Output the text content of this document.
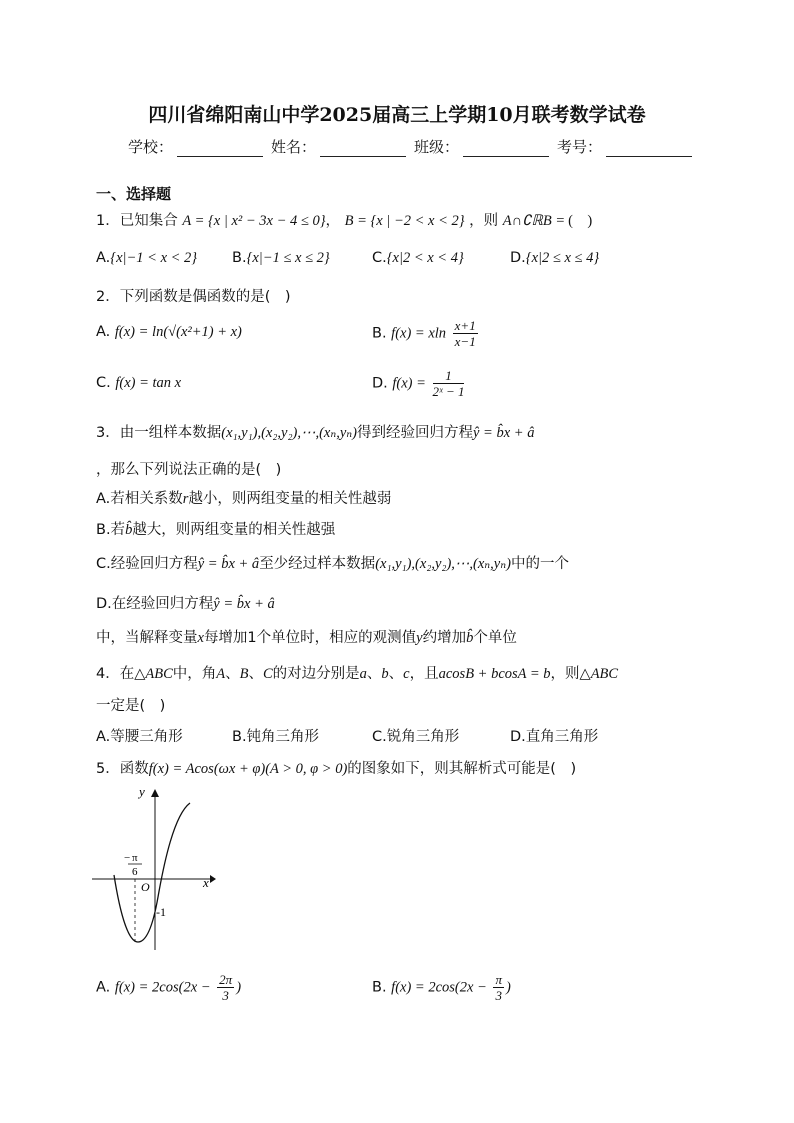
四川省绵阳南山中学2025届高三上学期10月联考数学试卷
学校：	姓名：	班级：	考号：
一、选择题
1．已知集合 A = {x | x² − 3x − 4 ≤ 0}， B = {x | −2 < x < 2} ，则 A∩∁ℝB = (　)
A.{x|−1 < x < 2} B.{x|−1 ≤ x ≤ 2}	C.{x|2 < x < 4}	D.{x|2 ≤ x ≤ 4}
2．下列函数是偶函数的是(　)
A. f(x) = ln(√(x²+1) + x)	B. f(x) = xln $\frac{x+1}{x-1}$
C. f(x) = tan x	D. $f(x) = \frac{1}{\text{2ˣ − 1}}$
3．由一组样本数据(x₁,y₁),(x₂,y₂),⋯,(xₙ,yₙ)得到经验回归方程ŷ = b̂x + â
，那么下列说法正确的是(　)
A.若相关系数r越小，则两组变量的相关性越弱
B.若b̂越大，则两组变量的相关性越强
C.经验回归方程ŷ = b̂x + â至少经过样本数据(x₁,y₁),(x₂,y₂),⋯,(xₙ,yₙ)中的一个
D.在经验回归方程ŷ = b̂x + â
中，当解释变量x每增加1个单位时，相应的观测值y约增加b̂个单位
4．在△ABC中，角A、B、C的对边分别是a、b、c，且acosB + bcosA = b，则△ABC
一定是(　)
A.等腰三角形	B.钝角三角形	C.锐角三角形	D.直角三角形
5．函数f(x) = Acos(ωx + φ)(A > 0, φ > 0)的图象如下，则其解析式可能是(　)
y
x
O
− π
6
-1
A. $f(x) = 2\cos(2x - \frac{2\pi}{3}$ )	B. $f(x) = 2\cos(2x - \frac{\pi}{3}$ )
